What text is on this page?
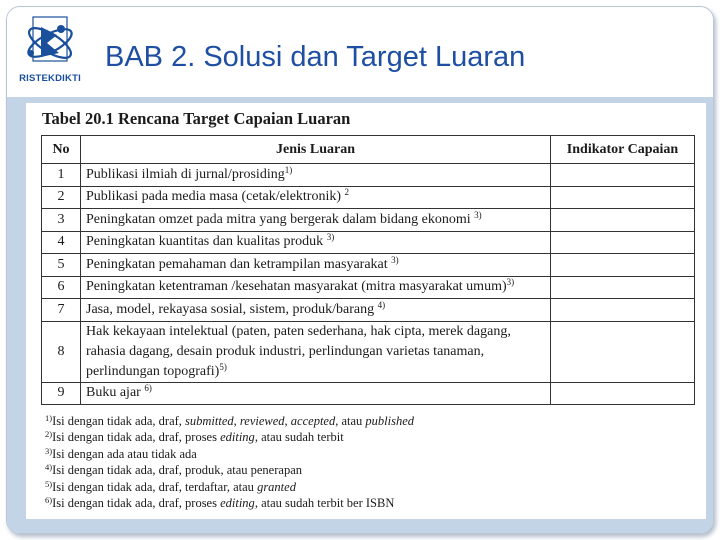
RISTEKDIKTI
BAB 2. Solusi dan Target Luaran
Tabel 20.1 Rencana Target Capaian Luaran
No	Jenis Luaran	Indikator Capaian
1	Publikasi ilmiah di jurnal/prosiding$^{1)}$	
2	Publikasi pada media masa (cetak/elektronik) $^2$	
3	Peningkatan omzet pada mitra yang bergerak dalam bidang ekonomi $^{3)}$	
4	Peningkatan kuantitas dan kualitas produk $^{3)}$	
5	Peningkatan pemahaman dan ketrampilan masyarakat $^{3)}$	
6	Peningkatan ketentraman /kesehatan masyarakat (mitra masyarakat umum)$^{3)}$	
7	Jasa, model, rekayasa sosial, sistem, produk/barang $^{4)}$	
8	Hak kekayaan intelektual (paten, paten sederhana, hak cipta, merek dagang,
rahasia dagang, desain produk industri, perlindungan varietas tanaman,
perlindungan topografi)$^{5)}$	
9	Buku ajar $^{6)}$	
$^{1)}$Isi dengan tidak ada, draf, submitted, reviewed, accepted, atau published
$^{2)}$Isi dengan tidak ada, draf, proses editing, atau sudah terbit
$^{3)}$Isi dengan ada atau tidak ada
$^{4)}$Isi dengan tidak ada, draf, produk, atau penerapan
$^{5)}$Isi dengan tidak ada, draf, terdaftar, atau granted
$^{6)}$Isi dengan tidak ada, draf, proses editing, atau sudah terbit ber ISBN
